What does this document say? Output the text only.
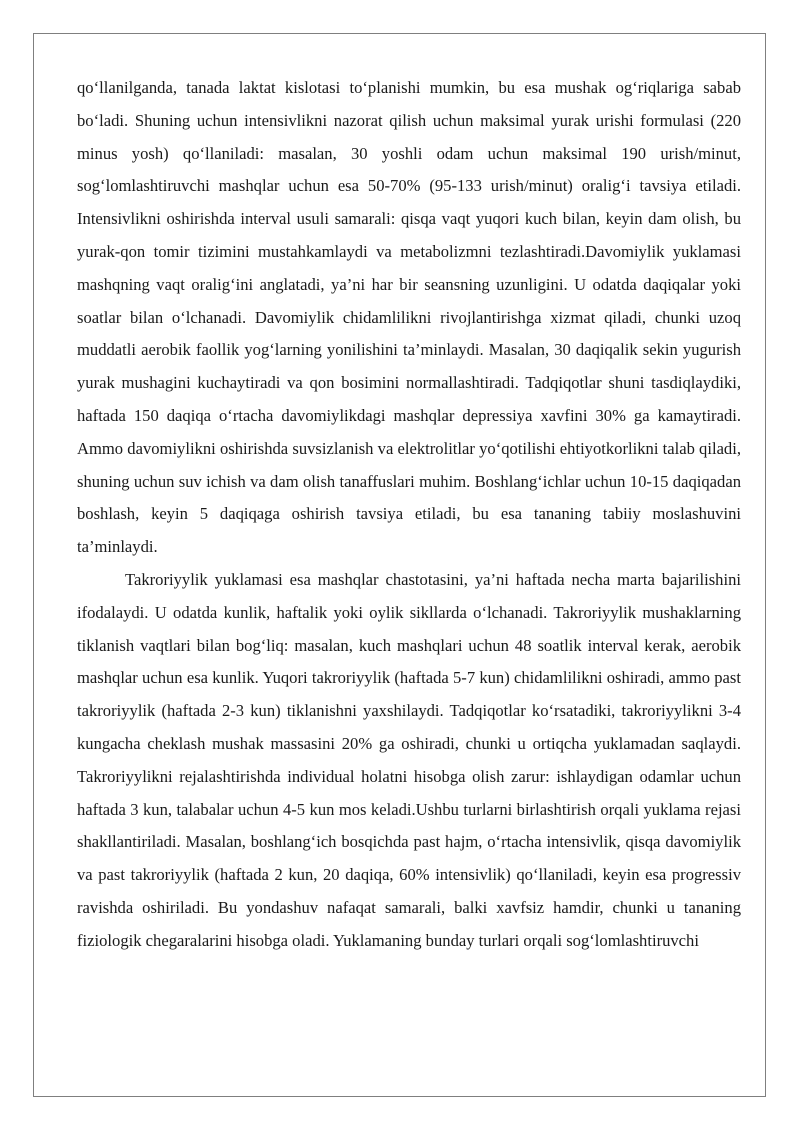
qo‘llanilganda, tanada laktat kislotasi to‘planishi mumkin, bu esa mushak og‘riqlariga sabab bo‘ladi. Shuning uchun intensivlikni nazorat qilish uchun maksimal yurak urishi formulasi (220 minus yosh) qo‘llaniladi: masalan, 30 yoshli odam uchun maksimal 190 urish/minut, sog‘lomlashtiruvchi mashqlar uchun esa 50-70% (95-133 urish/minut) oralig‘i tavsiya etiladi. Intensivlikni oshirishda interval usuli samarali: qisqa vaqt yuqori kuch bilan, keyin dam olish, bu yurak-qon tomir tizimini mustahkamlaydi va metabolizmni tezlashtiradi.Davomiylik yuklamasi mashqning vaqt oralig‘ini anglatadi, ya’ni har bir seansning uzunligini. U odatda daqiqalar yoki soatlar bilan o‘lchanadi. Davomiylik chidamlilikni rivojlantirishga xizmat qiladi, chunki uzoq muddatli aerobik faollik yog‘larning yonilishini ta’minlaydi. Masalan, 30 daqiqalik sekin yugurish yurak mushagini kuchaytiradi va qon bosimini normallashtiradi. Tadqiqotlar shuni tasdiqlaydiki, haftada 150 daqiqa o‘rtacha davomiylikdagi mashqlar depressiya xavfini 30% ga kamaytiradi. Ammo davomiylikni oshirishda suvsizlanish va elektrolitlar yo‘qotilishi ehtiyotkorlikni talab qiladi, shuning uchun suv ichish va dam olish tanaffuslari muhim. Boshlang‘ichlar uchun 10-15 daqiqadan boshlash, keyin 5 daqiqaga oshirish tavsiya etiladi, bu esa tananing tabiiy moslashuvini ta’minlaydi.

Takroriyylik yuklamasi esa mashqlar chastotasini, ya’ni haftada necha marta bajarilishini ifodalaydi. U odatda kunlik, haftalik yoki oylik sikllarda o‘lchanadi. Takroriyylik mushaklarning tiklanish vaqtlari bilan bog‘liq: masalan, kuch mashqlari uchun 48 soatlik interval kerak, aerobik mashqlar uchun esa kunlik. Yuqori takroriyylik (haftada 5-7 kun) chidamlilikni oshiradi, ammo past takroriyylik (haftada 2-3 kun) tiklanishni yaxshilaydi. Tadqiqotlar ko‘rsatadiki, takroriyylikni 3-4 kungacha cheklash mushak massasini 20% ga oshiradi, chunki u ortiqcha yuklamadan saqlaydi. Takroriyylikni rejalashtirishda individual holatni hisobga olish zarur: ishlaydigan odamlar uchun haftada 3 kun, talabalar uchun 4-5 kun mos keladi.Ushbu turlarni birlashtirish orqali yuklama rejasi shakllantiriladi. Masalan, boshlang‘ich bosqichda past hajm, o‘rtacha intensivlik, qisqa davomiylik va past takroriyylik (haftada 2 kun, 20 daqiqa, 60% intensivlik) qo‘llaniladi, keyin esa progressiv ravishda oshiriladi. Bu yondashuv nafaqat samarali, balki xavfsiz hamdir, chunki u tananing fiziologik chegaralarini hisobga oladi. Yuklamaning bunday turlari orqali sog‘lomlashtiruvchi
